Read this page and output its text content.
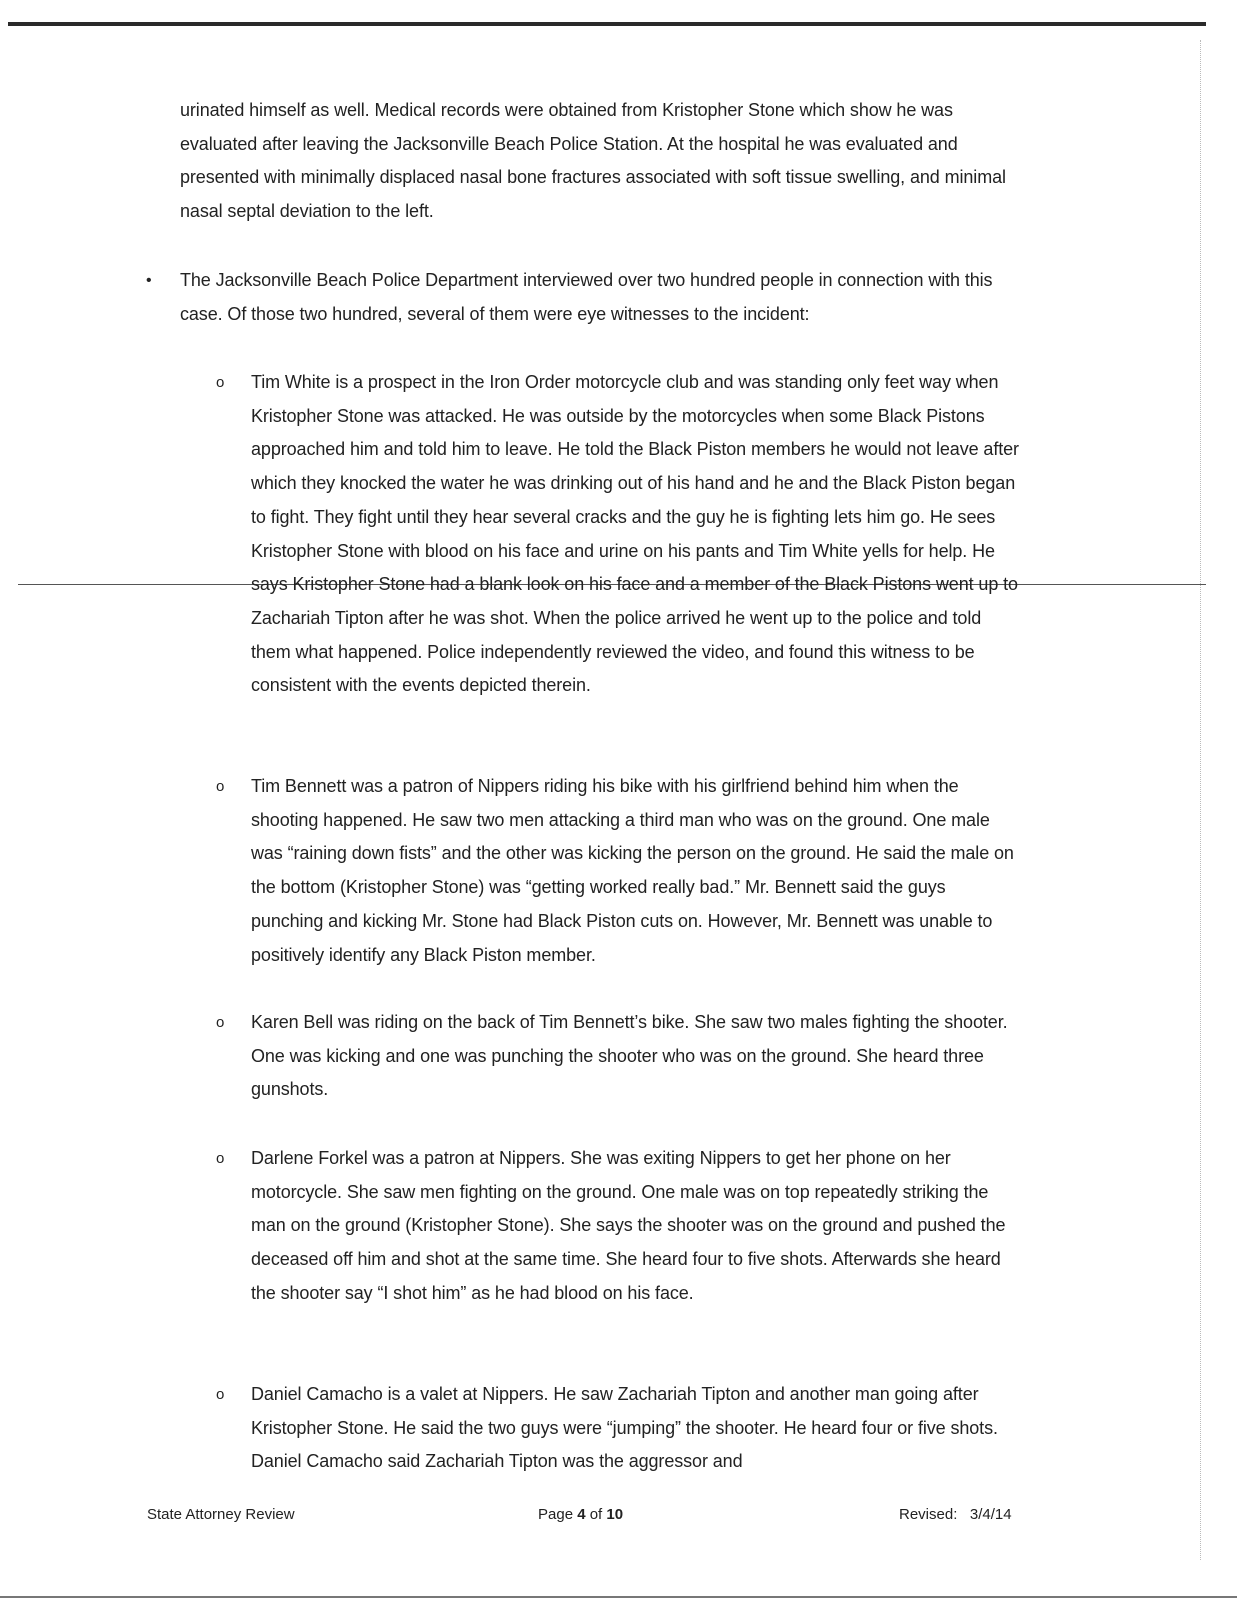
urinated himself as well. Medical records were obtained from Kristopher Stone which show he was evaluated after leaving the Jacksonville Beach Police Station. At the hospital he was evaluated and presented with minimally displaced nasal bone fractures associated with soft tissue swelling, and minimal nasal septal deviation to the left.

• The Jacksonville Beach Police Department interviewed over two hundred people in connection with this case. Of those two hundred, several of them were eye witnesses to the incident:

o Tim White is a prospect in the Iron Order motorcycle club and was standing only feet way when Kristopher Stone was attacked. He was outside by the motorcycles when some Black Pistons approached him and told him to leave. He told the Black Piston members he would not leave after which they knocked the water he was drinking out of his hand and he and the Black Piston began to fight. They fight until they hear several cracks and the guy he is fighting lets him go. He sees Kristopher Stone with blood on his face and urine on his pants and Tim White yells for help. He says Kristopher Stone had a blank look on his face and a member of the Black Pistons went up to Zachariah Tipton after he was shot. When the police arrived he went up to the police and told them what happened. Police independently reviewed the video, and found this witness to be consistent with the events depicted therein.

o Tim Bennett was a patron of Nippers riding his bike with his girlfriend behind him when the shooting happened. He saw two men attacking a third man who was on the ground. One male was “raining down fists” and the other was kicking the person on the ground. He said the male on the bottom (Kristopher Stone) was “getting worked really bad.” Mr. Bennett said the guys punching and kicking Mr. Stone had Black Piston cuts on. However, Mr. Bennett was unable to positively identify any Black Piston member.

o Karen Bell was riding on the back of Tim Bennett’s bike. She saw two males fighting the shooter. One was kicking and one was punching the shooter who was on the ground. She heard three gunshots.

o Darlene Forkel was a patron at Nippers. She was exiting Nippers to get her phone on her motorcycle. She saw men fighting on the ground. One male was on top repeatedly striking the man on the ground (Kristopher Stone). She says the shooter was on the ground and pushed the deceased off him and shot at the same time. She heard four to five shots. Afterwards she heard the shooter say “I shot him” as he had blood on his face.

o Daniel Camacho is a valet at Nippers. He saw Zachariah Tipton and another man going after Kristopher Stone. He said the two guys were “jumping” the shooter. He heard four or five shots. Daniel Camacho said Zachariah Tipton was the aggressor and

State Attorney Review	Page 4 of 10	Revised: 3/4/14
